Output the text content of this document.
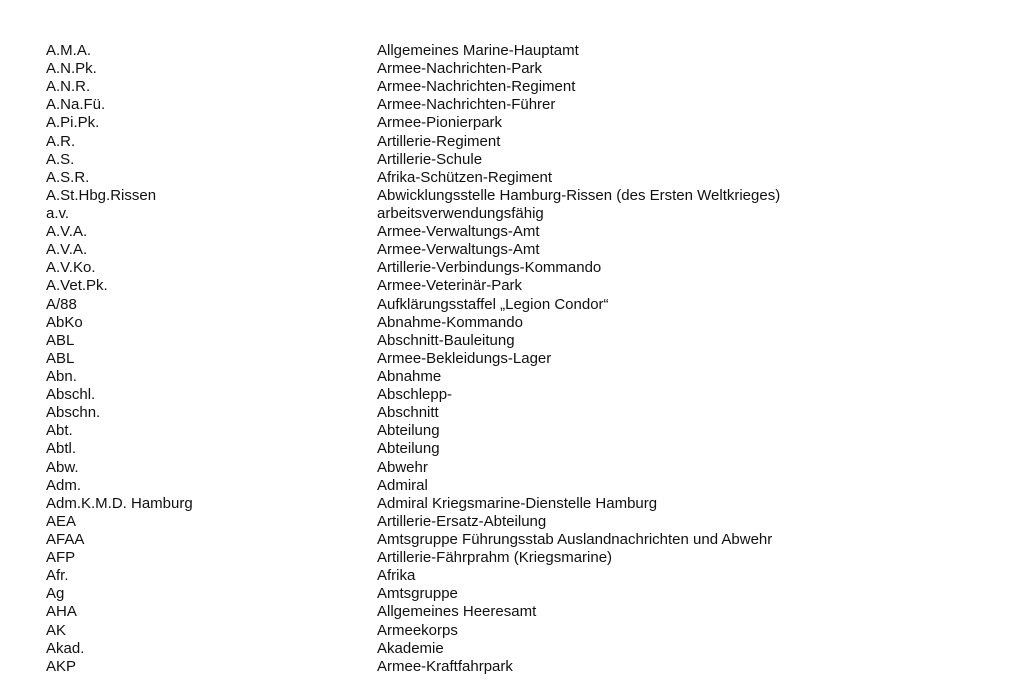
A.M.A.	Allgemeines Marine-Hauptamt
A.N.Pk.	Armee-Nachrichten-Park
A.N.R.	Armee-Nachrichten-Regiment
A.Na.Fü.	Armee-Nachrichten-Führer
A.Pi.Pk.	Armee-Pionierpark
A.R.	Artillerie-Regiment
A.S.	Artillerie-Schule
A.S.R.	Afrika-Schützen-Regiment
A.St.Hbg.Rissen	Abwicklungsstelle Hamburg-Rissen (des Ersten Weltkrieges)
a.v.	arbeitsverwendungsfähig
A.V.A.	Armee-Verwaltungs-Amt
A.V.A.	Armee-Verwaltungs-Amt
A.V.Ko.	Artillerie-Verbindungs-Kommando
A.Vet.Pk.	Armee-Veterinär-Park
A/88	Aufklärungsstaffel „Legion Condor“
AbKo	Abnahme-Kommando
ABL	Abschnitt-Bauleitung
ABL	Armee-Bekleidungs-Lager
Abn.	Abnahme
Abschl.	Abschlepp-
Abschn.	Abschnitt
Abt.	Abteilung
Abtl.	Abteilung
Abw.	Abwehr
Adm.	Admiral
Adm.K.M.D. Hamburg	Admiral Kriegsmarine-Dienstelle Hamburg
AEA	Artillerie-Ersatz-Abteilung
AFAA	Amtsgruppe Führungsstab Auslandnachrichten und Abwehr
AFP	Artillerie-Fährprahm (Kriegsmarine)
Afr.	Afrika
Ag	Amtsgruppe
AHA	Allgemeines Heeresamt
AK	Armeekorps
Akad.	Akademie
AKP	Armee-Kraftfahrpark
